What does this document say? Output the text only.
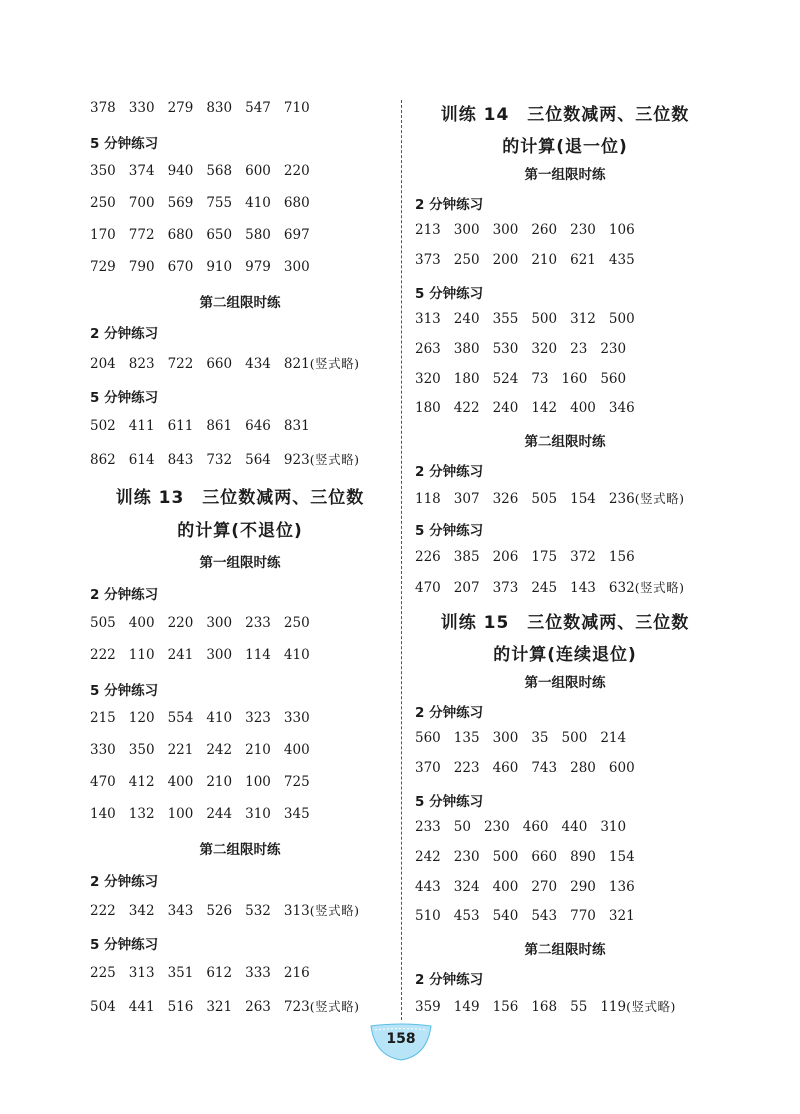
378 330 279 830 547 710
5 分钟练习
350 374 940 568 600 220
250 700 569 755 410 680
170 772 680 650 580 697
729 790 670 910 979 300
第二组限时练
2 分钟练习
204 823 722 660 434 821(竖式略)
5 分钟练习
502 411 611 861 646 831
862 614 843 732 564 923(竖式略)
训练 13　三位数减两、三位数
的计算(不退位)
第一组限时练
2 分钟练习
505 400 220 300 233 250
222 110 241 300 114 410
5 分钟练习
215 120 554 410 323 330
330 350 221 242 210 400
470 412 400 210 100 725
140 132 100 244 310 345
第二组限时练
2 分钟练习
222 342 343 526 532 313(竖式略)
5 分钟练习
225 313 351 612 333 216
504 441 516 321 263 723(竖式略)
训练 14　三位数减两、三位数
的计算(退一位)
第一组限时练
2 分钟练习
213 300 300 260 230 106
373 250 200 210 621 435
5 分钟练习
313 240 355 500 312 500
263 380 530 320 23 230
320 180 524 73 160 560
180 422 240 142 400 346
第二组限时练
2 分钟练习
118 307 326 505 154 236(竖式略)
5 分钟练习
226 385 206 175 372 156
470 207 373 245 143 632(竖式略)
训练 15　三位数减两、三位数
的计算(连续退位)
第一组限时练
2 分钟练习
560 135 300 35 500 214
370 223 460 743 280 600
5 分钟练习
233 50 230 460 440 310
242 230 500 660 890 154
443 324 400 270 290 136
510 453 540 543 770 321
第二组限时练
2 分钟练习
359 149 156 168 55 119(竖式略)
158
